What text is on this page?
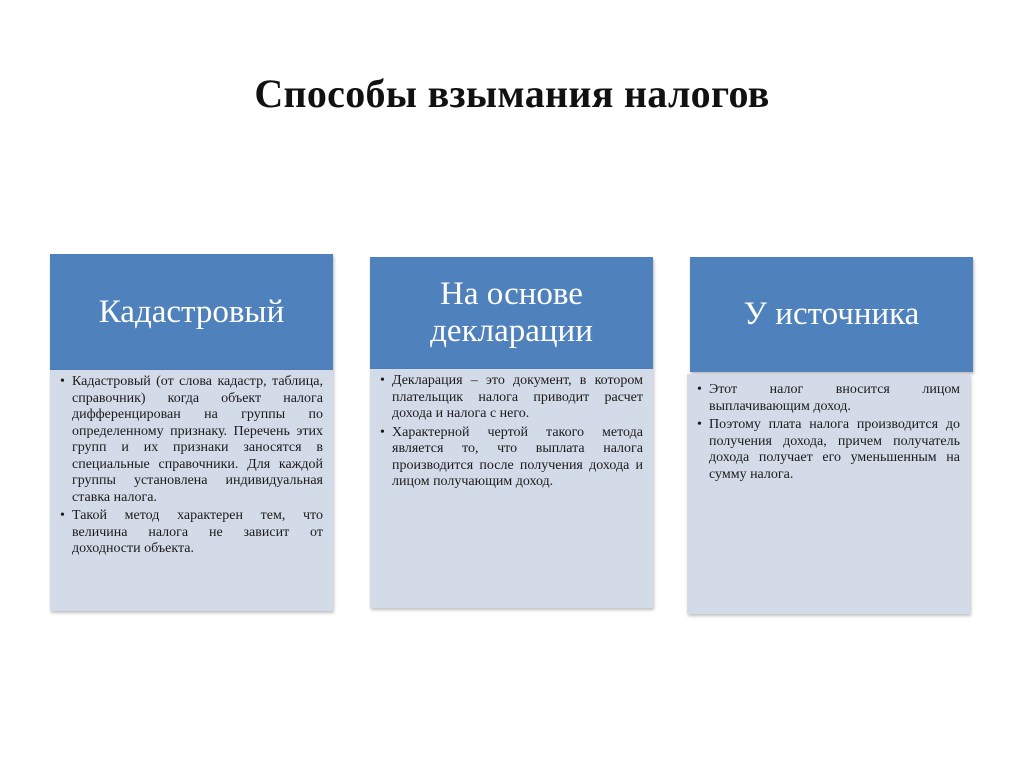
Способы взымания налогов
Кадастровый
• Кадастровый (от слова кадастр, таблица, справочник) когда объект налога дифференцирован на группы по определенному признаку. Перечень этих групп и их признаки заносятся в специальные справочники. Для каждой группы установлена индивидуальная ставка налога.
• Такой метод характерен тем, что величина налога не зависит от доходности объекта.
На основе
декларации
• Декларация – это документ, в котором плательщик налога приводит расчет дохода и налога с него.
• Характерной чертой такого метода является то, что выплата налога производится после получения дохода и лицом получающим доход.
У источника
• Этот налог вносится лицом выплачивающим доход.
• Поэтому плата налога производится до получения дохода, причем получатель дохода получает его уменьшенным на сумму налога.
